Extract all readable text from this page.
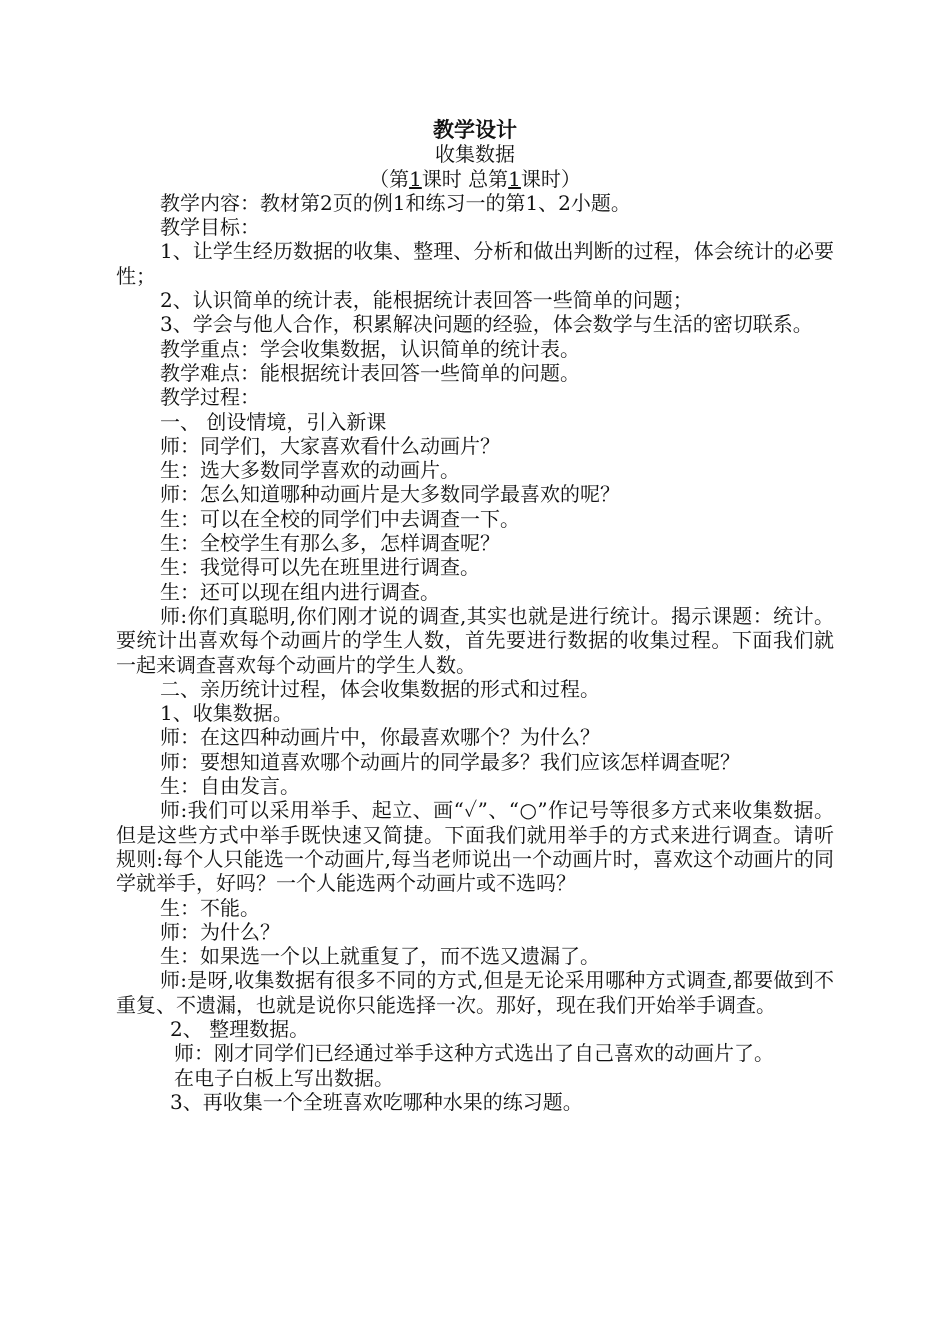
教学设计
收集数据
（第1课时 总第1课时）
教学内容：教材第2页的例1和练习一的第1、2小题。
教学目标：
1、让学生经历数据的收集、整理、分析和做出判断的过程，体会统计的必要性；
2、认识简单的统计表，能根据统计表回答一些简单的问题；
3、学会与他人合作，积累解决问题的经验，体会数学与生活的密切联系。
教学重点：学会收集数据，认识简单的统计表。
教学难点：能根据统计表回答一些简单的问题。
教学过程：
一、 创设情境，引入新课
师：同学们，大家喜欢看什么动画片？
生：选大多数同学喜欢的动画片。
师：怎么知道哪种动画片是大多数同学最喜欢的呢？
生：可以在全校的同学们中去调查一下。
生：全校学生有那么多，怎样调查呢？
生：我觉得可以先在班里进行调查。
生：还可以现在组内进行调查。
师:你们真聪明,你们刚才说的调查,其实也就是进行统计。揭示课题：统计。要统计出喜欢每个动画片的学生人数，首先要进行数据的收集过程。下面我们就一起来调查喜欢每个动画片的学生人数。
二、亲历统计过程，体会收集数据的形式和过程。
1、收集数据。
师：在这四种动画片中，你最喜欢哪个？为什么？
师：要想知道喜欢哪个动画片的同学最多？我们应该怎样调查呢？
生：自由发言。
师:我们可以采用举手、起立、画“✓”、“○”作记号等很多方式来收集数据。但是这些方式中举手既快速又简捷。下面我们就用举手的方式来进行调查。请听规则:每个人只能选一个动画片,每当老师说出一个动画片时，喜欢这个动画片的同学就举手，好吗？一个人能选两个动画片或不选吗？
生：不能。
师：为什么？
生：如果选一个以上就重复了，而不选又遗漏了。
师:是呀,收集数据有很多不同的方式,但是无论采用哪种方式调查,都要做到不重复、不遗漏，也就是说你只能选择一次。那好，现在我们开始举手调查。
2、 整理数据。
师：刚才同学们已经通过举手这种方式选出了自己喜欢的动画片了。
在电子白板上写出数据。
3、再收集一个全班喜欢吃哪种水果的练习题。
